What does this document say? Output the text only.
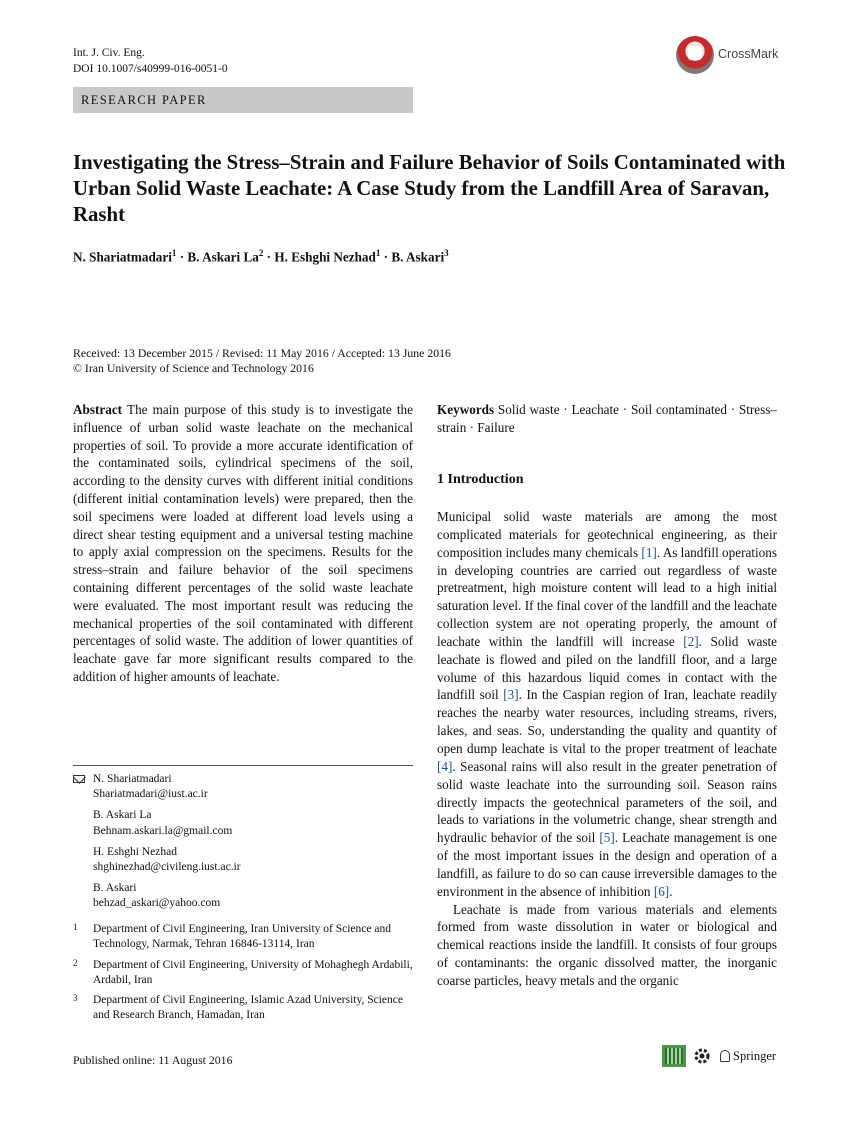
Int. J. Civ. Eng.
DOI 10.1007/s40999-016-0051-0
CrossMark
RESEARCH PAPER
Investigating the Stress–Strain and Failure Behavior of Soils Contaminated with Urban Solid Waste Leachate: A Case Study from the Landfill Area of Saravan, Rasht
N. Shariatmadari$^1$ · B. Askari $La^2 \cdot H$. Eshghi Nezhad$^1$ · B. Askari$^3$
Received: 13 December 2015 / Revised: 11 May 2016 / Accepted: 13 June 2016
© Iran University of Science and Technology 2016
Abstract The main purpose of this study is to investigate the influence of urban solid waste leachate on the mechanical properties of soil. To provide a more accurate identification of the contaminated soils, cylindrical specimens of the soil, according to the density curves with different initial conditions (different initial contamination levels) were prepared, then the soil specimens were loaded at different load levels using a direct shear testing equipment and a universal testing machine to apply axial compression on the specimens. Results for the stress–strain and failure behavior of the soil specimens containing different percentages of the solid waste leachate were evaluated. The most important result was reducing the mechanical properties of the soil contaminated with different percentages of solid waste. The addition of lower quantities of leachate gave far more significant results compared to the addition of higher amounts of leachate.
Keywords Solid waste · Leachate · Soil contaminated · Stress–strain · Failure
1 Introduction

Municipal solid waste materials are among the most complicated materials for geotechnical engineering, as their composition includes many chemicals [1]. As landfill operations in developing countries are carried out regardless of waste pretreatment, high moisture content will lead to a high initial saturation level. If the final cover of the landfill and the leachate collection system are not operating properly, the amount of leachate within the landfill will increase [2]. Solid waste leachate is flowed and piled on the landfill floor, and a large volume of this hazardous liquid comes in contact with the landfill soil [3]. In the Caspian region of Iran, leachate readily reaches the nearby water resources, including streams, rivers, lakes, and seas. So, understanding the quality and quantity of open dump leachate is vital to the proper treatment of leachate [4]. Seasonal rains will also result in the greater penetration of solid waste leachate into the surrounding soil. Season rains directly impacts the geotechnical parameters of the soil, and leads to variations in the volumetric change, shear strength and hydraulic behavior of the soil [5]. Leachate management is one of the most important issues in the design and operation of a landfill, as failure to do so can cause irreversible damages to the environment in the absence of inhibition [6].

Leachate is made from various materials and elements formed from waste dissolution in water or biological and chemical reactions inside the landfill. It consists of four groups of contaminants: the organic dissolved matter, the inorganic coarse particles, heavy metals and the organic

N. Shariatmadari
Shariatmadari@iust.ac.ir
B. Askari La
Behnam.askari.la@gmail.com
H. Eshghi Nezhad
shghinezhad@civileng.iust.ac.ir
B. Askari
behzad_askari@yahoo.com
1	Department of Civil Engineering, Iran University of Science and Technology, Narmak, Tehran 16846-13114, Iran
2	Department of Civil Engineering, University of Mohaghegh Ardabili, Ardabil, Iran
3	Department of Civil Engineering, Islamic Azad University, Science and Research Branch, Hamadan, Iran
Published online: 11 August 2016	Springer
